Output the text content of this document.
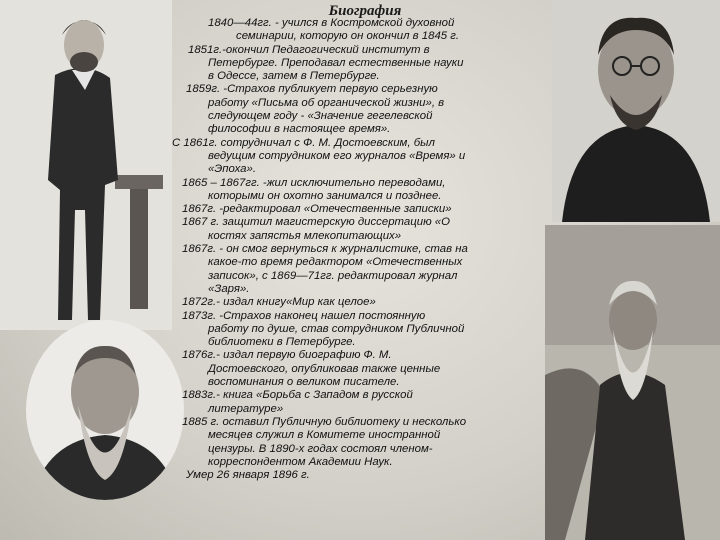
Биография

1840—44гг. - учился в Костромской духовной
семинарии, которую он окончил в 1845 г.

1851г.-окончил Педагогический институт в
Петербурге. Преподавал естественные науки
в Одессе, затем в Петербурге.

1859г. -Страхов публикует первую серьезную
работу «Письма об органической жизни», в
следующем году - «Значение гегелевской
философии в настоящее время».

С 1861г. сотрудничал с Ф. М. Достоевским, был
ведущим сотрудником его журналов «Время» и
«Эпоха».

1865 – 1867гг. -жил исключительно переводами,
которыми он охотно занимался и позднее.

1867г. -редактировал «Отечественные записки»

1867 г. защитил магистерскую диссертацию «О
костях запястья млекопитающих»

1867г. - он смог вернуться к журналистике, став на
какое-то время редактором «Отечественных
записок», с 1869—71гг. редактировал журнал
«Заря».

1872г.- издал книгу«Мир как целое»

1873г. -Страхов наконец нашел постоянную
работу по душе, став сотрудником Публичной
библиотеки в Петербурге.

1876г.- издал первую биографию Ф. М.
Достоевского, опубликовав также ценные
воспоминания о великом писателе.

1883г.- книга «Борьба с Западом в русской
литературе»

1885 г. оставил Публичную библиотеку и несколько
месяцев служил в Комитете иностранной
цензуры. В 1890-х годах состоял членом-
корреспондентом Академии Наук.

Умер 26 января 1896 г.
